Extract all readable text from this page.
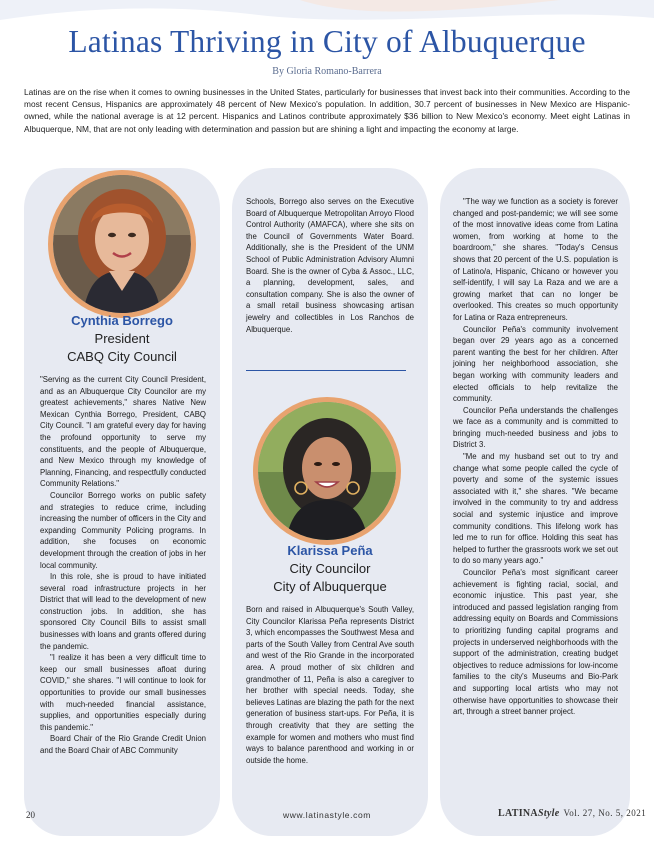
Latinas Thriving in City of Albuquerque
By Gloria Romano-Barrera

Latinas are on the rise when it comes to owning businesses in the United States, particularly for businesses that invest back into their communities. According to the most recent Census, Hispanics are approximately 48 percent of New Mexico's population. In addition, 30.7 percent of businesses in New Mexico are Hispanic-owned, while the national average is at 12 percent. Hispanics and Latinos contribute approximately $36 billion to New Mexico's economy. Meet eight Latinas in Albuquerque, NM, that are not only leading with determination and passion but are shining a light and impacting the economy at large.

Cynthia Borrego
President
CABQ City Council

"Serving as the current City Council President, and as an Albuquerque City Councilor are my greatest achievements," shares Native New Mexican Cynthia Borrego, President, CABQ City Council. "I am grateful every day for having the profound opportunity to serve my constituents, and the people of Albuquerque, and New Mexico through my knowledge of Planning, Financing, and respectfully conducted Community Relations."

Councilor Borrego works on public safety and strategies to reduce crime, including increasing the number of officers in the City and expanding Community Policing programs. In addition, she focuses on economic development through the creation of jobs in her local community.

In this role, she is proud to have initiated several road infrastructure projects in her District that will lead to the development of new construction jobs. In addition, she has sponsored City Council Bills to assist small businesses with loans and grants offered during the pandemic.

"I realize it has been a very difficult time to keep our small businesses afloat during COVID," she shares. "I will continue to look for opportunities to provide our small businesses with much-needed financial assistance, supplies, and opportunities especially during this pandemic."

Board Chair of the Rio Grande Credit Union and the Board Chair of ABC Community

Schools, Borrego also serves on the Executive Board of Albuquerque Metropolitan Arroyo Flood Control Authority (AMAFCA), where she sits on the Council of Governments Water Board. Additionally, she is the President of the UNM School of Public Administration Advisory Alumni Board. She is the owner of Cyba & Assoc., LLC, a planning, development, sales, and consultation company. She is also the owner of a small retail business showcasing artisan jewelry and collectibles in Los Ranchos de Albuquerque.

Klarissa Peña
City Councilor
City of Albuquerque

Born and raised in Albuquerque's South Valley, City Councilor Klarissa Peña represents District 3, which encompasses the Southwest Mesa and parts of the South Valley from Central Ave south and west of the Rio Grande in the incorporated area. A proud mother of six children and grandmother of 11, Peña is also a caregiver to her brother with special needs. Today, she believes Latinas are blazing the path for the next generation of business start-ups. For Peña, it is through creativity that they are setting the example for women and mothers who must find ways to balance parenthood and working in or outside the home.

"The way we function as a society is forever changed and post-pandemic; we will see some of the most innovative ideas come from Latina women, from working at home to the boardroom," she shares. "Today's Census shows that 20 percent of the U.S. population is of Latino/a, Hispanic, Chicano or however you self-identify, I will say La Raza and we are a growing market that can no longer be overlooked. This creates so much opportunity for Latina or Raza entrepreneurs.

Councilor Peña's community involvement began over 29 years ago as a concerned parent wanting the best for her children. After joining her neighborhood association, she began working with community leaders and elected officials to help revitalize the community.

Councilor Peña understands the challenges we face as a community and is committed to bringing much-needed business and jobs to District 3.

"Me and my husband set out to try and change what some people called the cycle of poverty and some of the systemic issues associated with it," she shares. "We became involved in the community to try and address social and systemic injustice and improve community conditions. This lifelong work has led me to run for office. Holding this seat has helped to further the grassroots work we set out to do so many years ago."

Councilor Peña's most significant career achievement is fighting racial, social, and economic injustice. This past year, she introduced and passed legislation ranging from addressing equity on Boards and Commissions to prioritizing funding capital programs and projects in underserved neighborhoods with the support of the administration, creating budget objectives to reduce admissions for low-income families to the city's Museums and Bio-Park and supporting local artists who may not otherwise have opportunities to showcase their art, through a street banner project.

20	www.latinastyle.com	LATINAStyle Vol. 27, No. 5, 2021
